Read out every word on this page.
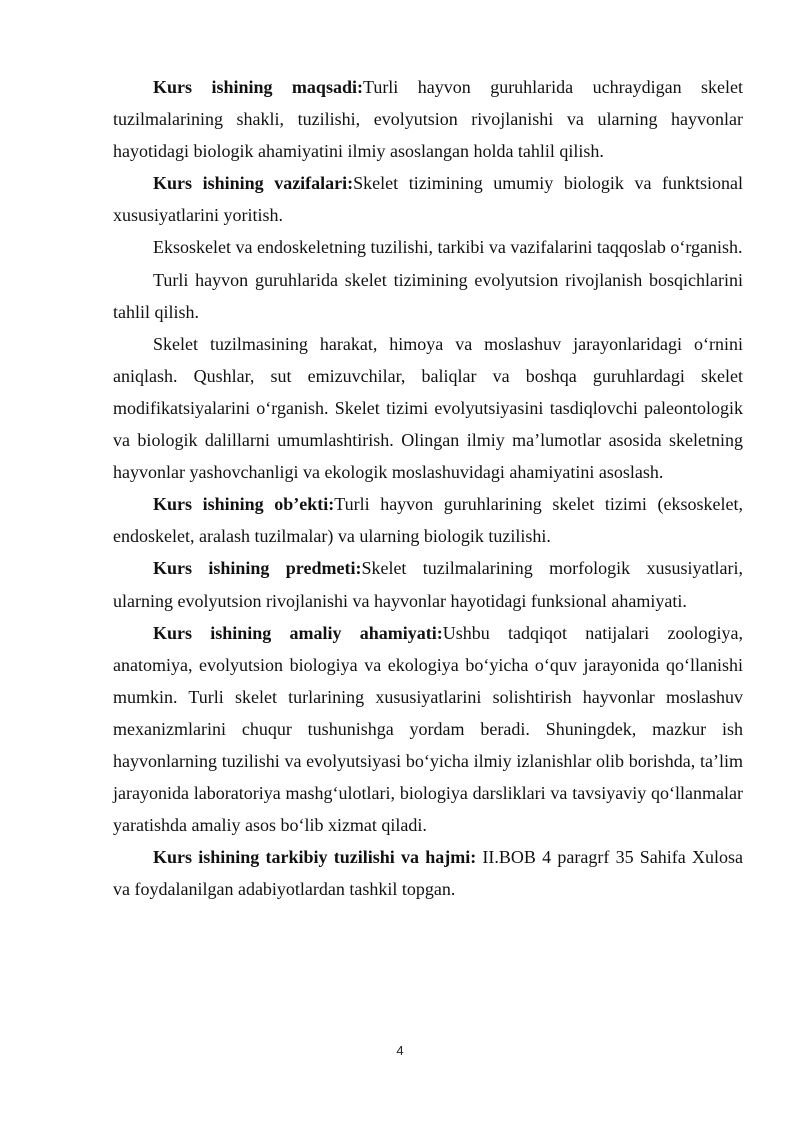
Kurs ishining maqsadi:Turli hayvon guruhlarida uchraydigan skelet tuzilmalarining shakli, tuzilishi, evolyutsion rivojlanishi va ularning hayvonlar hayotidagi biologik ahamiyatini ilmiy asoslangan holda tahlil qilish.

Kurs ishining vazifalari:Skelet tizimining umumiy biologik va funktsional xususiyatlarini yoritish.

Eksoskelet va endoskeletning tuzilishi, tarkibi va vazifalarini taqqoslab o‘rganish.

Turli hayvon guruhlarida skelet tizimining evolyutsion rivojlanish bosqichlarini tahlil qilish.

Skelet tuzilmasining harakat, himoya va moslashuv jarayonlaridagi o‘rnini aniqlash. Qushlar, sut emizuvchilar, baliqlar va boshqa guruhlardagi skelet modifikatsiyalarini o‘rganish. Skelet tizimi evolyutsiyasini tasdiqlovchi paleontologik va biologik dalillarni umumlashtirish. Olingan ilmiy ma’lumotlar asosida skeletning hayvonlar yashovchanligi va ekologik moslashuvidagi ahamiyatini asoslash.

Kurs ishining ob’ekti:Turli hayvon guruhlarining skelet tizimi (eksoskelet, endoskelet, aralash tuzilmalar) va ularning biologik tuzilishi.

Kurs ishining predmeti:Skelet tuzilmalarining morfologik xususiyatlari, ularning evolyutsion rivojlanishi va hayvonlar hayotidagi funksional ahamiyati.

Kurs ishining amaliy ahamiyati:Ushbu tadqiqot natijalari zoologiya, anatomiya, evolyutsion biologiya va ekologiya bo‘yicha o‘quv jarayonida qo‘llanishi mumkin. Turli skelet turlarining xususiyatlarini solishtirish hayvonlar moslashuv mexanizmlarini chuqur tushunishga yordam beradi. Shuningdek, mazkur ish hayvonlarning tuzilishi va evolyutsiyasi bo‘yicha ilmiy izlanishlar olib borishda, ta’lim jarayonida laboratoriya mashg‘ulotlari, biologiya darsliklari va tavsiyaviy qo‘llanmalar yaratishda amaliy asos bo‘lib xizmat qiladi.

Kurs ishining tarkibiy tuzilishi va hajmi: II.BOB 4 paragrf 35 Sahifa Xulosa va foydalanilgan adabiyotlardan tashkil topgan.

4
